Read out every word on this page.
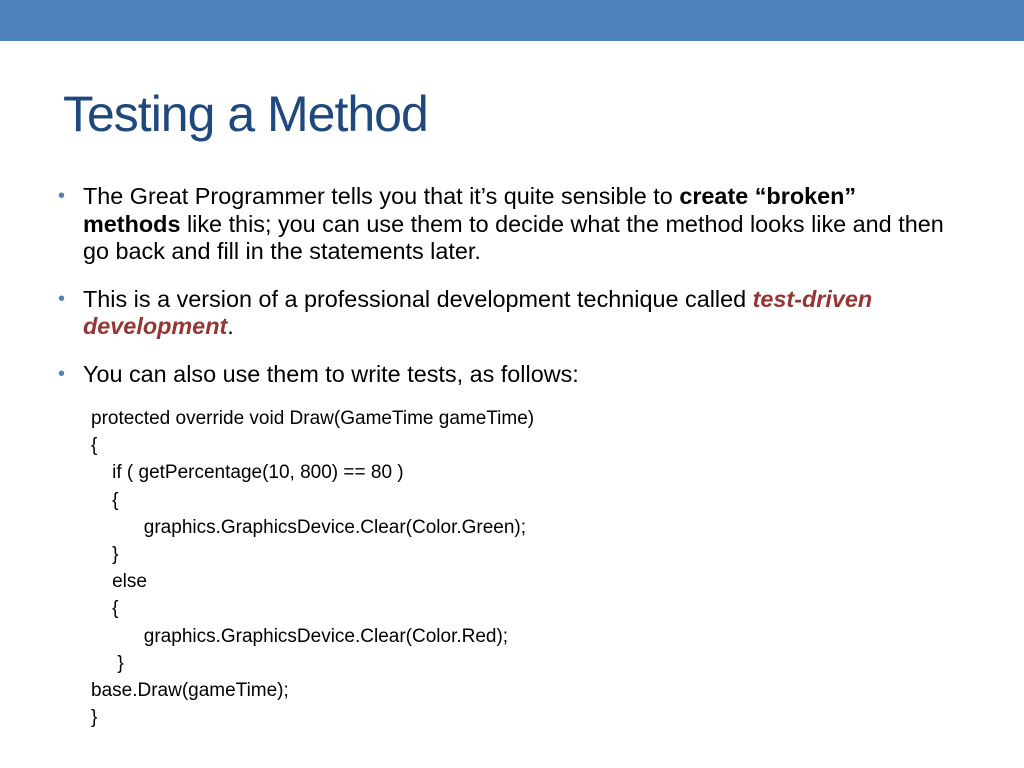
Testing a Method
• The Great Programmer tells you that it’s quite sensible to create “broken” methods like this; you can use them to decide what the method looks like and then go back and fill in the statements later.
• This is a version of a professional development technique called test-driven development.
• You can also use them to write tests, as follows:
protected override void Draw(GameTime gameTime)
{
if ( getPercentage(10, 800) == 80 )
{
graphics.GraphicsDevice.Clear(Color.Green);
}
else
{
graphics.GraphicsDevice.Clear(Color.Red);
}
base.Draw(gameTime);
}
